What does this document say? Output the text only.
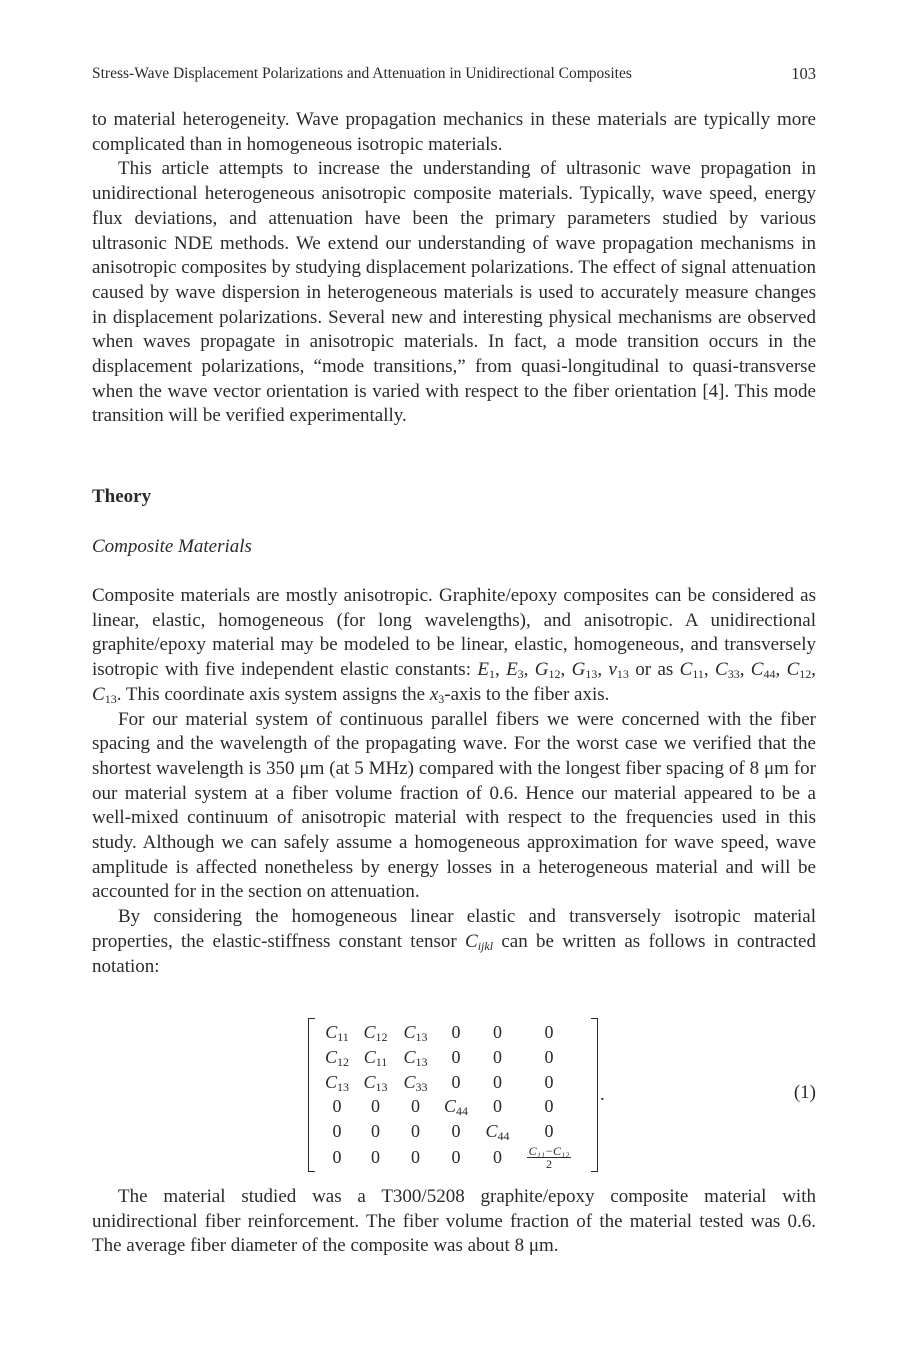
Stress-Wave Displacement Polarizations and Attenuation in Unidirectional Composites	103

to material heterogeneity. Wave propagation mechanics in these materials are typically more complicated than in homogeneous isotropic materials.

This article attempts to increase the understanding of ultrasonic wave propagation in unidirectional heterogeneous anisotropic composite materials. Typically, wave speed, energy flux deviations, and attenuation have been the primary parameters studied by various ultrasonic NDE methods. We extend our understanding of wave propagation mechanisms in anisotropic composites by studying displacement polarizations. The effect of signal attenuation caused by wave dispersion in heterogeneous materials is used to accurately measure changes in displacement polarizations. Several new and interesting physical mechanisms are observed when waves propagate in anisotropic materials. In fact, a mode transition occurs in the displacement polarizations, “mode transitions,” from quasi-longitudinal to quasi-transverse when the wave vector orientation is varied with respect to the fiber orientation [4]. This mode transition will be verified experimentally.

Theory
Composite Materials

Composite materials are mostly anisotropic. Graphite/epoxy composites can be considered as linear, elastic, homogeneous (for long wavelengths), and anisotropic. A unidirectional graphite/epoxy material may be modeled to be linear, elastic, homogeneous, and transversely isotropic with five independent elastic constants: $E_1$, $E_3$, $G_{12}$, $G_{13}$, $\nu_{13}$ or as $C_{11}$, $C_{33}$, $C_{44}$, $C_{12}$, $C_{13}$. This coordinate axis system assigns the $x_3$-axis to the fiber axis.

For our material system of continuous parallel fibers we were concerned with the fiber spacing and the wavelength of the propagating wave. For the worst case we verified that the shortest wavelength is 350 μm (at 5 MHz) compared with the longest fiber spacing of 8 μm for our material system at a fiber volume fraction of 0.6. Hence our material appeared to be a well-mixed continuum of anisotropic material with respect to the frequencies used in this study. Although we can safely assume a homogeneous approximation for wave speed, wave amplitude is affected nonetheless by energy losses in a heterogeneous material and will be accounted for in the section on attenuation.

By considering the homogeneous linear elastic and transversely isotropic material properties, the elastic-stiffness constant tensor $C_{ijkl}$ can be written as follows in contracted notation:

$C_{11}$	$C_{12}$	$C_{13}$	0	0	0
$C_{12}$	$C_{11}$	$C_{13}$	0	0	0
$C_{13}$	$C_{13}$	$C_{33}$	0	0	0
0	0	0	$C_{44}$	0	0
0	0	0	0	$C_{44}$	0
0	0	0	0	0	$\frac{\text{C₁₁−C₁₂}}{2}$
.	(1)

The material studied was a T300/5208 graphite/epoxy composite material with unidirectional fiber reinforcement. The fiber volume fraction of the material tested was 0.6. The average fiber diameter of the composite was about 8 μm.
